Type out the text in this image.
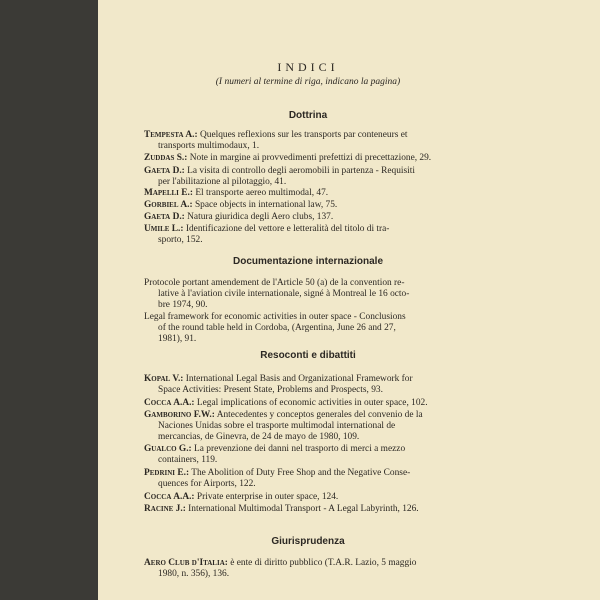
INDICI
(I numeri al termine di riga, indicano la pagina)
Dottrina
Tempesta A.: Quelques reflexions sur les transports par conteneurs et
transports multimodaux, 1.
Zuddas S.: Note in margine ai provvedimenti prefettizi di precettazione, 29.
Gaeta D.: La visita di controllo degli aeromobili in partenza - Requisiti
per l'abilitazione al pilotaggio, 41.
Mapelli E.: El transporte aereo multimodal, 47.
Gorbiel A.: Space objects in international law, 75.
Gaeta D.: Natura giuridica degli Aero clubs, 137.
Umile L.: Identificazione del vettore e letteralità del titolo di tra-
sporto, 152.
Documentazione internazionale
Protocole portant amendement de l'Article 50 (a) de la convention re-
lative à l'aviation civile internationale, signé à Montreal le 16 octo-
bre 1974, 90.
Legal framework for economic activities in outer space - Conclusions
of the round table held in Cordoba, (Argentina, June 26 and 27,
1981), 91.
Resoconti e dibattiti
Kopal V.: International Legal Basis and Organizational Framework for
Space Activities: Present State, Problems and Prospects, 93.
Cocca A.A.: Legal implications of economic activities in outer space, 102.
Gamborino F.W.: Antecedentes y conceptos generales del convenio de la
Naciones Unidas sobre el trasporte multimodal international de
mercancias, de Ginevra, de 24 de mayo de 1980, 109.
Gualco G.: La prevenzione dei danni nel trasporto di merci a mezzo
containers, 119.
Pedrini E.: The Abolition of Duty Free Shop and the Negative Conse-
quences for Airports, 122.
Cocca A.A.: Private enterprise in outer space, 124.
Racine J.: International Multimodal Transport - A Legal Labyrinth, 126.
Giurisprudenza
Aero Club d'Italia: è ente di diritto pubblico (T.A.R. Lazio, 5 maggio
1980, n. 356), 136.
